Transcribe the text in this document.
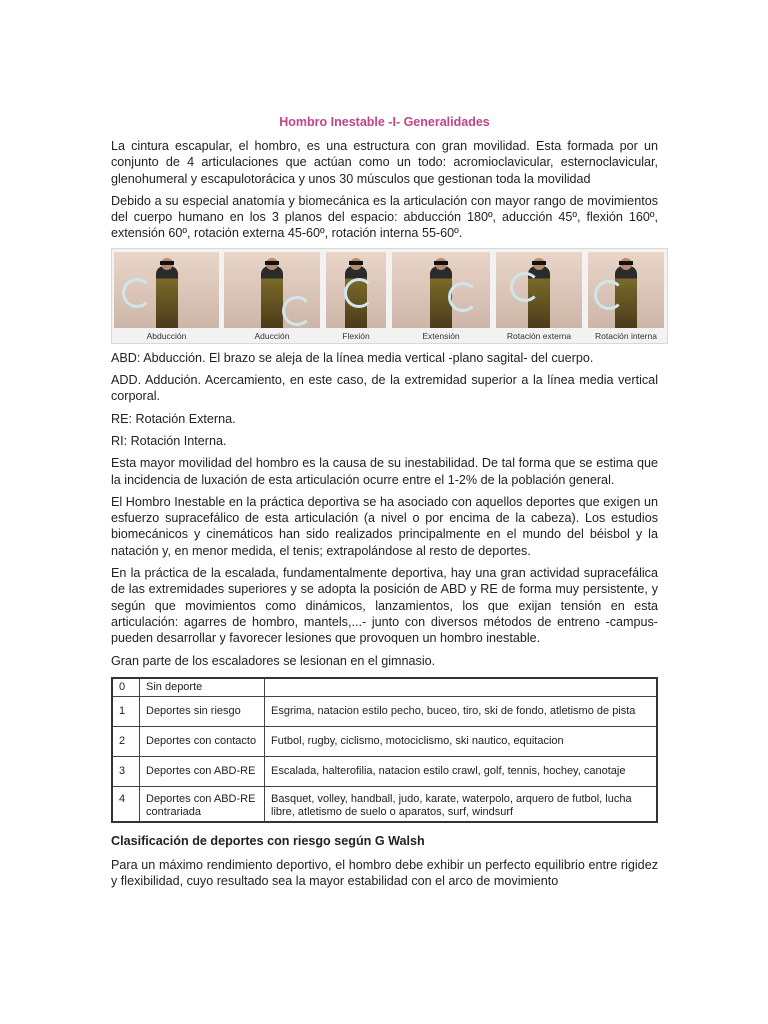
Hombro Inestable -I- Generalidades

La cintura escapular, el hombro, es una estructura con gran movilidad. Esta formada por un conjunto de 4 articulaciones que actúan como un todo: acromioclavicular, esternoclavicular, glenohumeral y escapulotorácica y unos 30 músculos que gestionan toda la movilidad

Debido a su especial anatomía y biomecánica es la articulación con mayor rango de movimientos del cuerpo humano en los 3 planos del espacio: abducción 180º, aducción 45º, flexión 160º, extensión 60º, rotación externa 45-60º, rotación interna 55-60º.

Abducción	Aducción	Flexión	Extensión	Rotación externa	Rotación interna

ABD: Abducción. El brazo se aleja de la línea media vertical -plano sagital- del cuerpo.

ADD. Addución. Acercamiento, en este caso, de la extremidad superior a la línea media vertical corporal.

RE: Rotación Externa.

RI: Rotación Interna.

Esta mayor movilidad del hombro es la causa de su inestabilidad. De tal forma que se estima que la incidencia de luxación de esta articulación ocurre entre el 1-2% de la población general.

El Hombro Inestable en la práctica deportiva se ha asociado con aquellos deportes que exigen un esfuerzo supracefálico de esta articulación (a nivel o por encima de la cabeza). Los estudios biomecánicos y cinemáticos han sido realizados principalmente en el mundo del béisbol y la natación y, en menor medida, el tenis; extrapolándose al resto de deportes.

En la práctica de la escalada, fundamentalmente deportiva, hay una gran actividad supracefálica de las extremidades superiores y se adopta la posición de ABD y RE de forma muy persistente, y según que movimientos como dinámicos, lanzamientos, los que exijan tensión en esta articulación: agarres de hombro, mantels,...- junto con diversos métodos de entreno -campus- pueden desarrollar y favorecer lesiones que provoquen un hombro inestable.

Gran parte de los escaladores se lesionan en el gimnasio.

0	Sin deporte	
1	Deportes sin riesgo	Esgrima, natacion estilo pecho, buceo, tiro, ski de fondo, atletismo de pista
2	Deportes con contacto	Futbol, rugby, ciclismo, motociclismo, ski nautico, equitacion
3	Deportes con ABD-RE	Escalada, halterofilia, natacion estilo crawl, golf, tennis, hochey, canotaje
4	Deportes con ABD-RE contrariada	Basquet, volley, handball, judo, karate, waterpolo, arquero de futbol, lucha libre, atletismo de suelo o aparatos, surf, windsurf
Clasificación de deportes con riesgo según G Walsh

Para un máximo rendimiento deportivo, el hombro debe exhibir un perfecto equilibrio entre rigidez y flexibilidad, cuyo resultado sea la mayor estabilidad con el arco de movimiento
